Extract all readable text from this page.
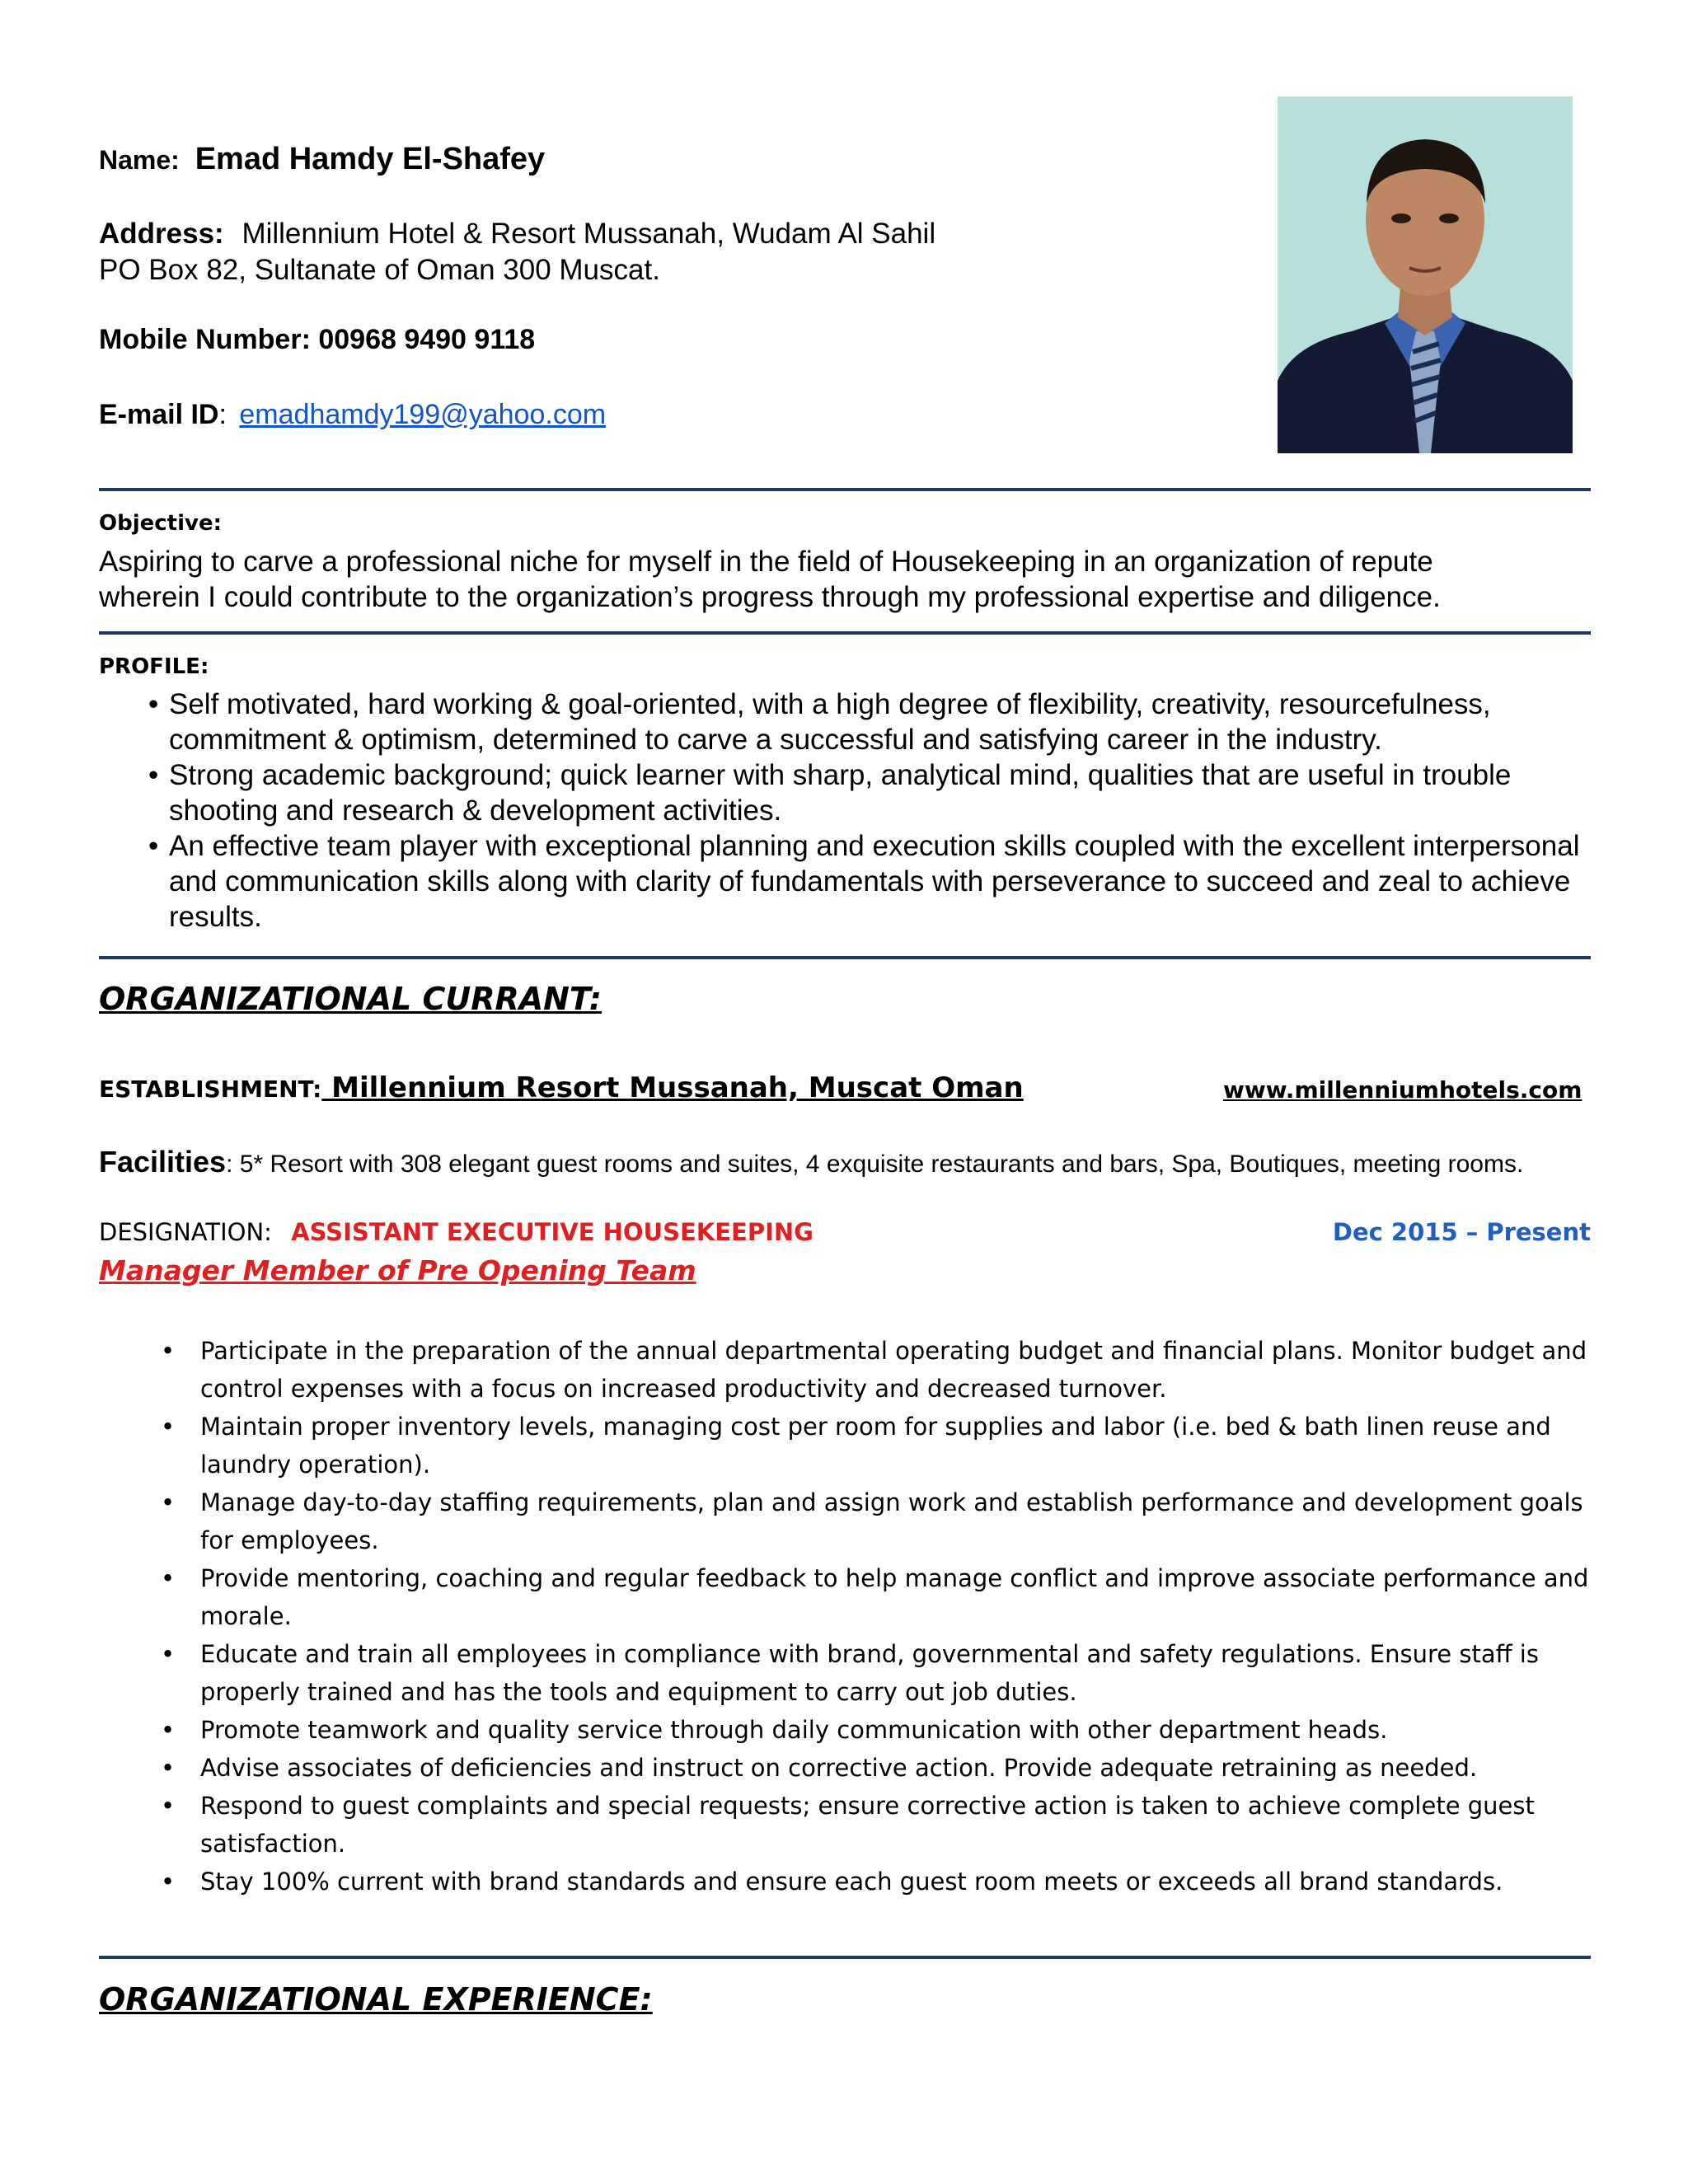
Name: Emad Hamdy El-Shafey
Address: Millennium Hotel & Resort Mussanah, Wudam Al Sahil
PO Box 82, Sultanate of Oman 300 Muscat.
Mobile Number: 00968 9490 9118
E-mail ID: emadhamdy199@yahoo.com
Objective:
Aspiring to carve a professional niche for myself in the field of Housekeeping in an organization of repute
wherein I could contribute to the organization’s progress through my professional expertise and diligence.
PROFILE:
• Self motivated, hard working & goal-oriented, with a high degree of flexibility, creativity, resourcefulness, commitment & optimism, determined to carve a successful and satisfying career in the industry.
• Strong academic background; quick learner with sharp, analytical mind, qualities that are useful in trouble shooting and research & development activities.
• An effective team player with exceptional planning and execution skills coupled with the excellent interpersonal and communication skills along with clarity of fundamentals with perseverance to succeed and zeal to achieve results.
ORGANIZATIONAL CURRANT:
ESTABLISHMENT: Millennium Resort Mussanah, Muscat Oman	www.millenniumhotels.com
Facilities: 5* Resort with 308 elegant guest rooms and suites, 4 exquisite restaurants and bars, Spa, Boutiques, meeting rooms.
DESIGNATION: ASSISTANT EXECUTIVE HOUSEKEEPING	Dec 2015 – Present
Manager Member of Pre Opening Team
• Participate in the preparation of the annual departmental operating budget and financial plans. Monitor budget and control expenses with a focus on increased productivity and decreased turnover.
• Maintain proper inventory levels, managing cost per room for supplies and labor (i.e. bed & bath linen reuse and laundry operation).
• Manage day-to-day staffing requirements, plan and assign work and establish performance and development goals for employees.
• Provide mentoring, coaching and regular feedback to help manage conflict and improve associate performance and morale.
• Educate and train all employees in compliance with brand, governmental and safety regulations. Ensure staff is properly trained and has the tools and equipment to carry out job duties.
• Promote teamwork and quality service through daily communication with other department heads.
• Advise associates of deficiencies and instruct on corrective action. Provide adequate retraining as needed.
• Respond to guest complaints and special requests; ensure corrective action is taken to achieve complete guest satisfaction.
• Stay 100% current with brand standards and ensure each guest room meets or exceeds all brand standards.
ORGANIZATIONAL EXPERIENCE:
